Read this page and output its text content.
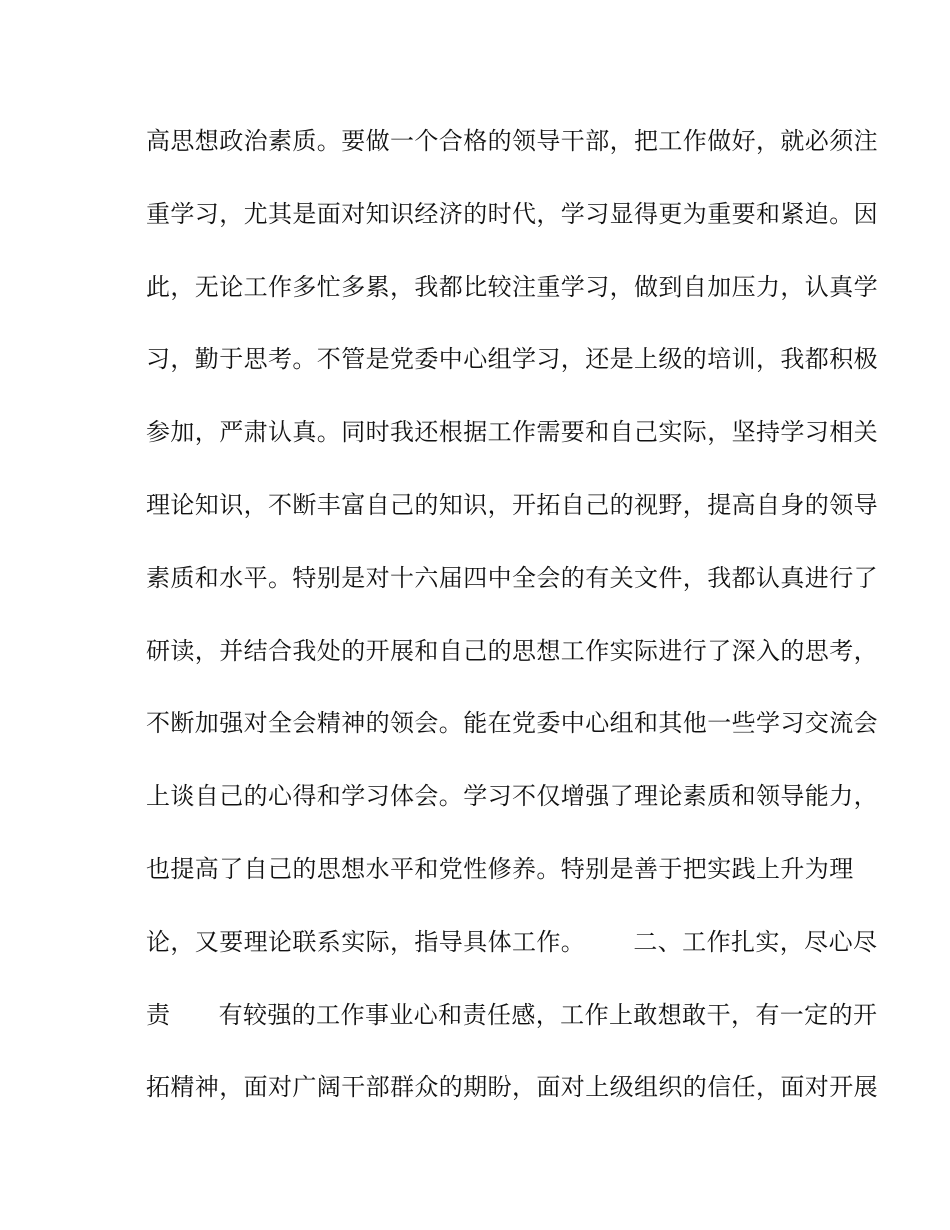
高思想政治素质。要做一个合格的领导干部，把工作做好，就必须注
重学习，尤其是面对知识经济的时代，学习显得更为重要和紧迫。因
此，无论工作多忙多累，我都比较注重学习，做到自加压力，认真学
习，勤于思考。不管是党委中心组学习，还是上级的培训，我都积极
参加，严肃认真。同时我还根据工作需要和自己实际，坚持学习相关
理论知识，不断丰富自己的知识，开拓自己的视野，提高自身的领导
素质和水平。特别是对十六届四中全会的有关文件，我都认真进行了
研读，并结合我处的开展和自己的思想工作实际进行了深入的思考，
不断加强对全会精神的领会。能在党委中心组和其他一些学习交流会
上谈自己的心得和学习体会。学习不仅增强了理论素质和领导能力，
也提高了自己的思想水平和党性修养。特别是善于把实践上升为理
论，又要理论联系实际，指导具体工作。      二、工作扎实，尽心尽
责      有较强的工作事业心和责任感，工作上敢想敢干，有一定的开
拓精神，面对广阔干部群众的期盼，面对上级组织的信任，面对开展
